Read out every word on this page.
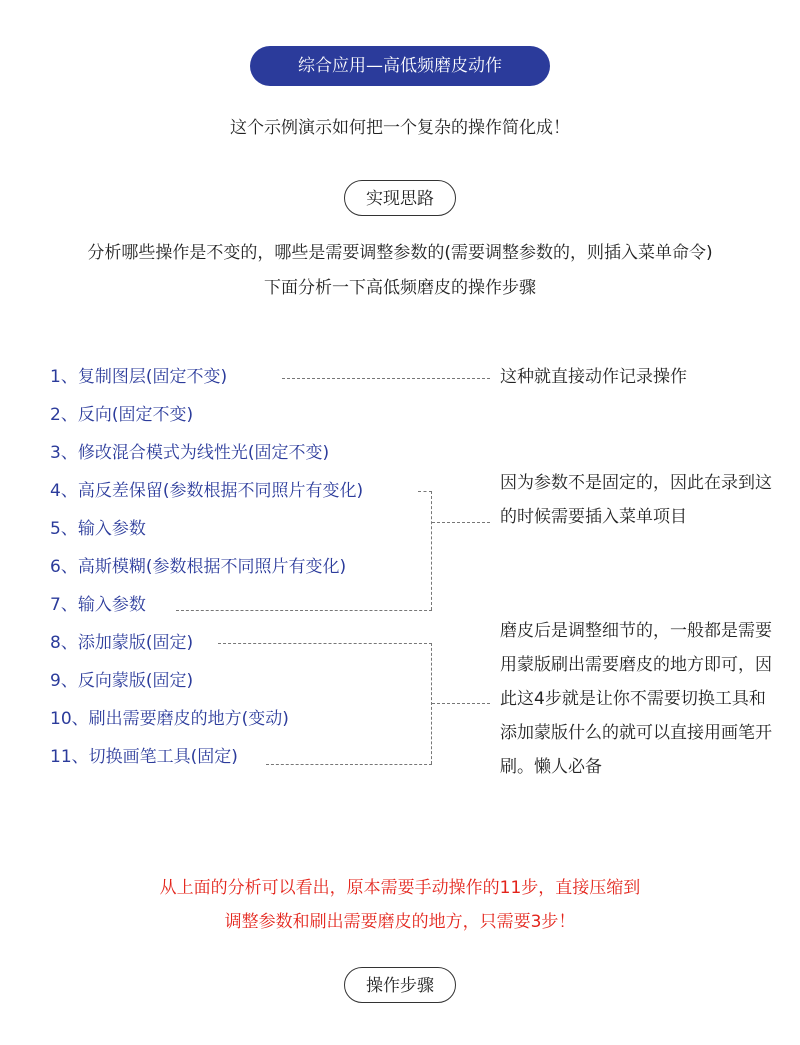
综合应用—高低频磨皮动作
这个示例演示如何把一个复杂的操作简化成！
实现思路
分析哪些操作是不变的，哪些是需要调整参数的(需要调整参数的，则插入菜单命令)
下面分析一下高低频磨皮的操作步骤
1、复制图层(固定不变)
2、反向(固定不变)
3、修改混合模式为线性光(固定不变)
4、高反差保留(参数根据不同照片有变化)
5、输入参数
6、高斯模糊(参数根据不同照片有变化)
7、输入参数
8、添加蒙版(固定)
9、反向蒙版(固定)
10、刷出需要磨皮的地方(变动)
11、切换画笔工具(固定)
这种就直接动作记录操作
因为参数不是固定的，因此在录到这的时候需要插入菜单项目
磨皮后是调整细节的，一般都是需要用蒙版刷出需要磨皮的地方即可，因此这4步就是让你不需要切换工具和添加蒙版什么的就可以直接用画笔开刷。懒人必备
从上面的分析可以看出，原本需要手动操作的11步，直接压缩到
调整参数和刷出需要磨皮的地方，只需要3步！
操作步骤
